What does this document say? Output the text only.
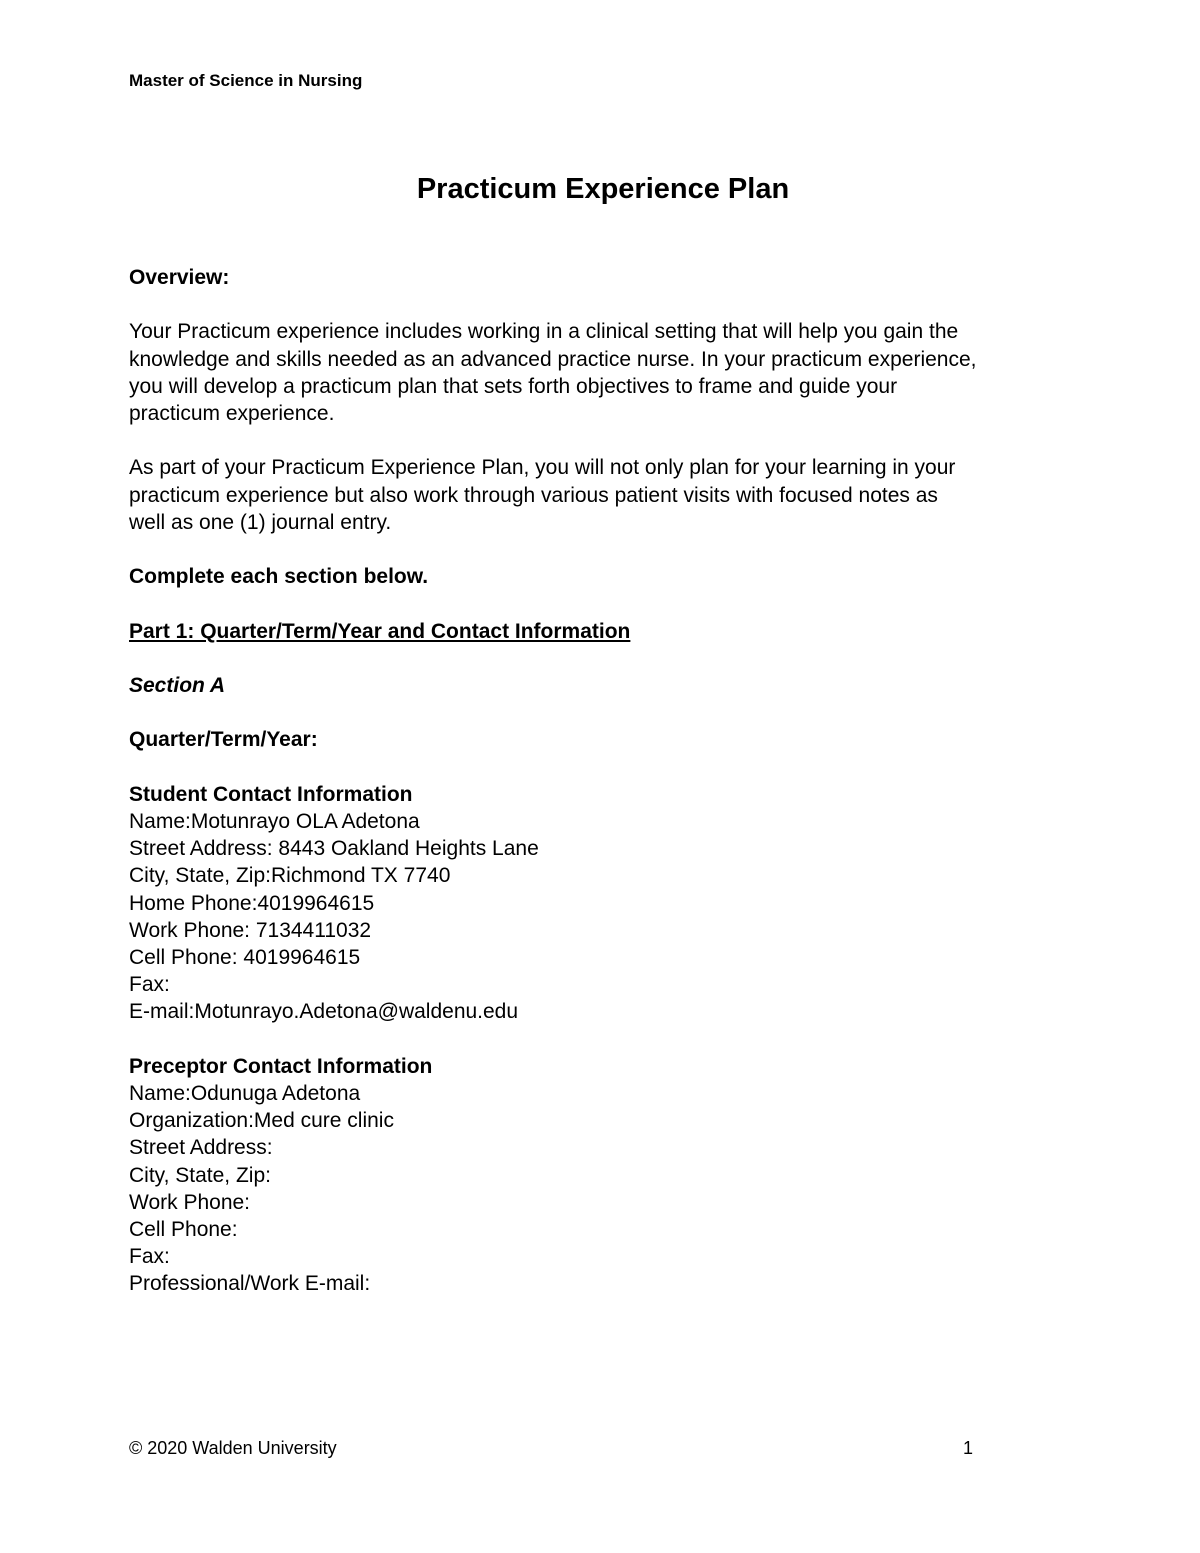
Master of Science in Nursing
Practicum Experience Plan

Overview:

Your Practicum experience includes working in a clinical setting that will help you gain the

knowledge and skills needed as an advanced practice nurse. In your practicum experience,

you will develop a practicum plan that sets forth objectives to frame and guide your

practicum experience.

As part of your Practicum Experience Plan, you will not only plan for your learning in your

practicum experience but also work through various patient visits with focused notes as

well as one (1) journal entry.

Complete each section below.

Part 1: Quarter/Term/Year and Contact Information

Section A

Quarter/Term/Year:

Student Contact Information

Name:Motunrayo OLA Adetona

Street Address: 8443 Oakland Heights Lane

City, State, Zip:Richmond TX 7740

Home Phone:4019964615

Work Phone: 7134411032

Cell Phone: 4019964615

Fax:

E-mail:Motunrayo.Adetona@waldenu.edu

Preceptor Contact Information

Name:Odunuga Adetona

Organization:Med cure clinic

Street Address:

City, State, Zip:

Work Phone:

Cell Phone:

Fax:

Professional/Work E-mail:

© 2020 Walden University	1
